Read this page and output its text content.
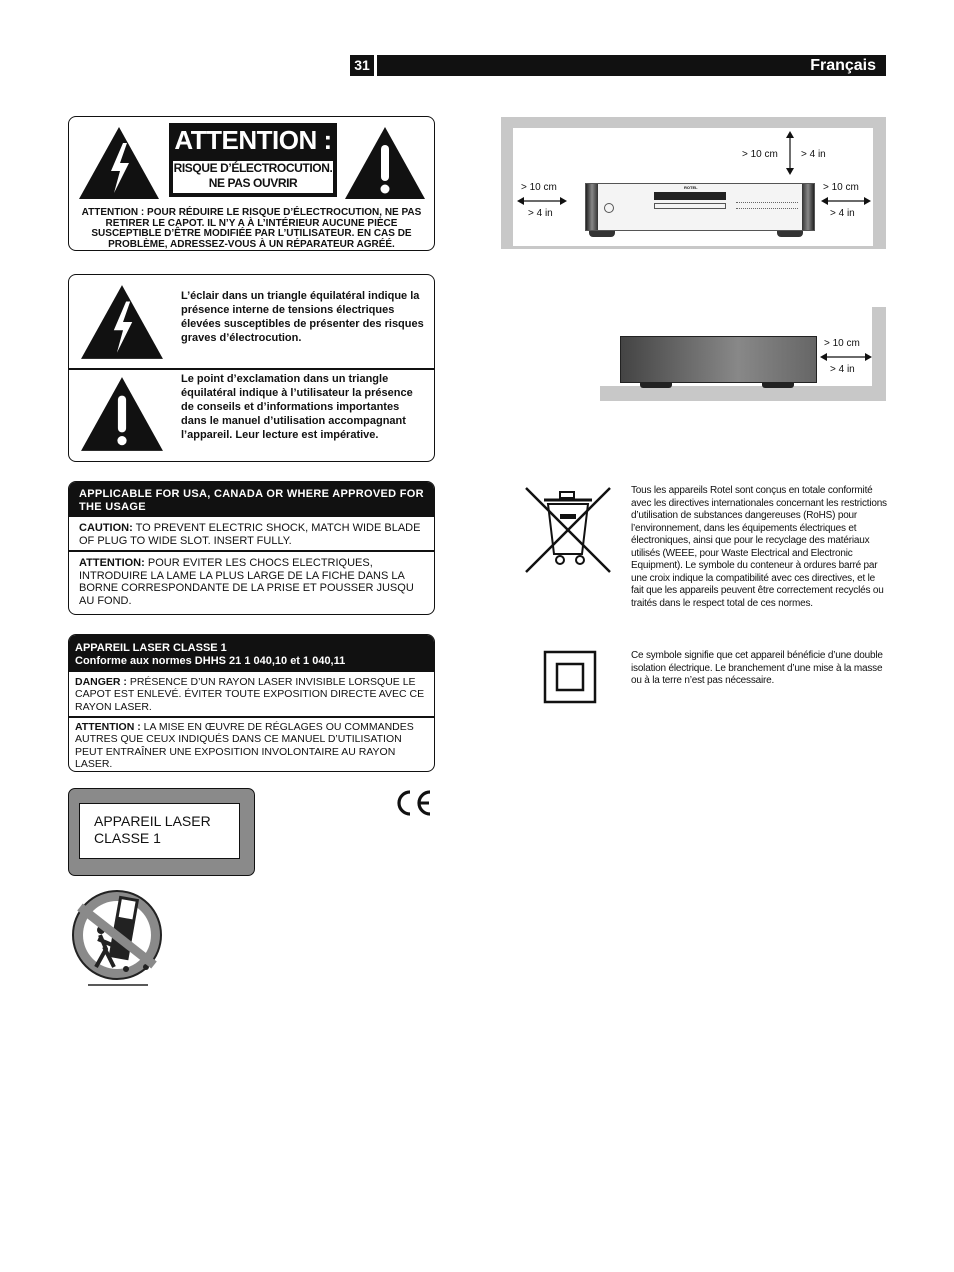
31	Français
ATTENTION :
RISQUE D’ÉLECTROCUTION.
NE PAS OUVRIR
ATTENTION : POUR RÉDUIRE LE RISQUE D’ÉLECTROCUTION, NE PAS RETIRER LE CAPOT. IL N’Y A À L’INTÉRIEUR AUCUNE PIÈCE SUSCEPTIBLE D’ÊTRE MODIFIÉE PAR L’UTILISATEUR. EN CAS DE PROBLÈME, ADRESSEZ-VOUS À UN RÉPARATEUR AGRÉÉ.
L’éclair dans un triangle équilatéral indique la présence interne de tensions électriques élevées susceptibles de présenter des risques graves d’électrocution.
Le point d’exclamation dans un triangle équilatéral indique à l’utilisateur la présence de conseils et d’informations importantes dans le manuel d’utilisation accompagnant l’appareil. Leur lecture est impérative.
APPLICABLE FOR USA, CANADA OR WHERE APPROVED FOR THE USAGE
CAUTION: TO PREVENT ELECTRIC SHOCK, MATCH WIDE BLADE OF PLUG TO WIDE SLOT. INSERT FULLY.
ATTENTION: POUR EVITER LES CHOCS ELECTRIQUES, INTRODUIRE LA LAME LA PLUS LARGE DE LA FICHE DANS LA BORNE CORRESPONDANTE DE LA PRISE ET POUSSER JUSQU AU FOND.
APPAREIL LASER CLASSE 1
Conforme aux normes DHHS 21 1 040,10 et 1 040,11
DANGER : PRÉSENCE D’UN RAYON LASER INVISIBLE LORSQUE LE CAPOT EST ENLEVÉ. ÉVITER TOUTE EXPOSITION DIRECTE AVEC CE RAYON LASER.
ATTENTION : LA MISE EN ŒUVRE DE RÉGLAGES OU COMMANDES AUTRES QUE CEUX INDIQUÉS DANS CE MANUEL D’UTILISATION PEUT ENTRAÎNER UNE EXPOSITION INVOLONTAIRE AU RAYON LASER.
APPAREIL LASER
CLASSE 1
> 10 cm > 4 in
> 10 cm
> 4 in
> 10 cm
> 4 in
ROTEL
> 10 cm
> 4 in
Tous les appareils Rotel sont conçus en totale conformité avec les directives internationales concernant les restrictions d’utilisation de substances dangereuses (RoHS) pour l’environnement, dans les équipements électriques et électroniques, ainsi que pour le recyclage des matériaux utilisés (WEEE, pour Waste Electrical and Electronic Equipment). Le symbole du conteneur à ordures barré par une croix indique la compatibilité avec ces directives, et le fait que les appareils peuvent être correctement recyclés ou traités dans le respect total de ces normes.
Ce symbole signifie que cet appareil bénéficie d’une double isolation électrique. Le branchement d’une mise à la masse ou à la terre n’est pas nécessaire.
